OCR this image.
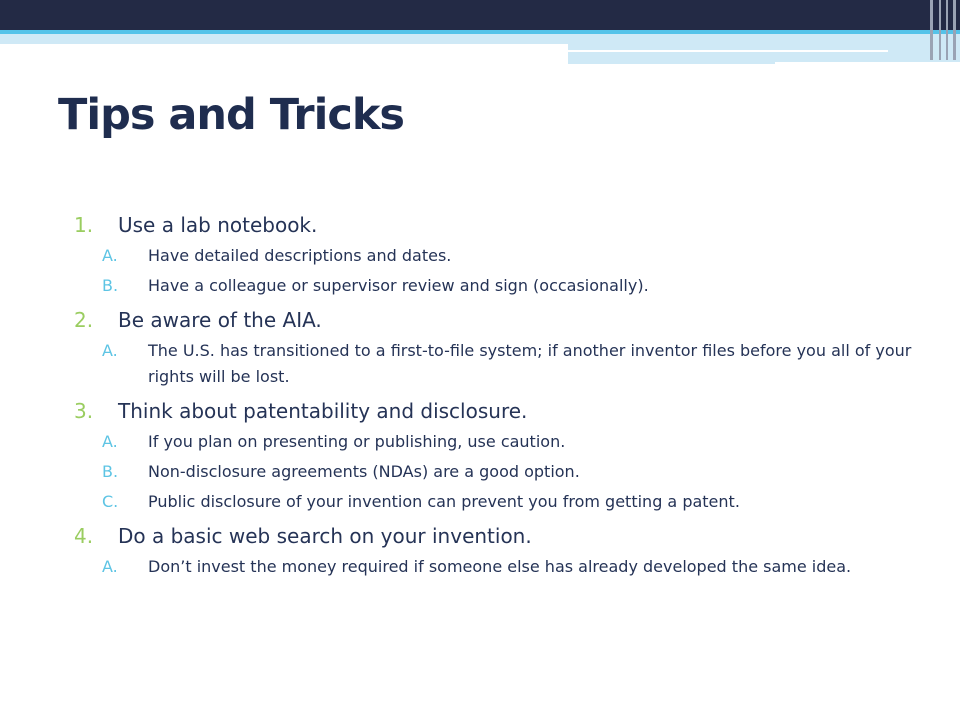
Tips and Tricks
1.	Use a lab notebook.
A.	Have detailed descriptions and dates.
B.	Have a colleague or supervisor review and sign (occasionally).
2.	Be aware of the AIA.
A.	The U.S. has transitioned to a first-to-file system; if another inventor files before you all of your rights will be lost.
3.	Think about patentability and disclosure.
A.	If you plan on presenting or publishing, use caution.
B.	Non-disclosure agreements (NDAs) are a good option.
C.	Public disclosure of your invention can prevent you from getting a patent.
4.	Do a basic web search on your invention.
A.	Don’t invest the money required if someone else has already developed the same idea.
